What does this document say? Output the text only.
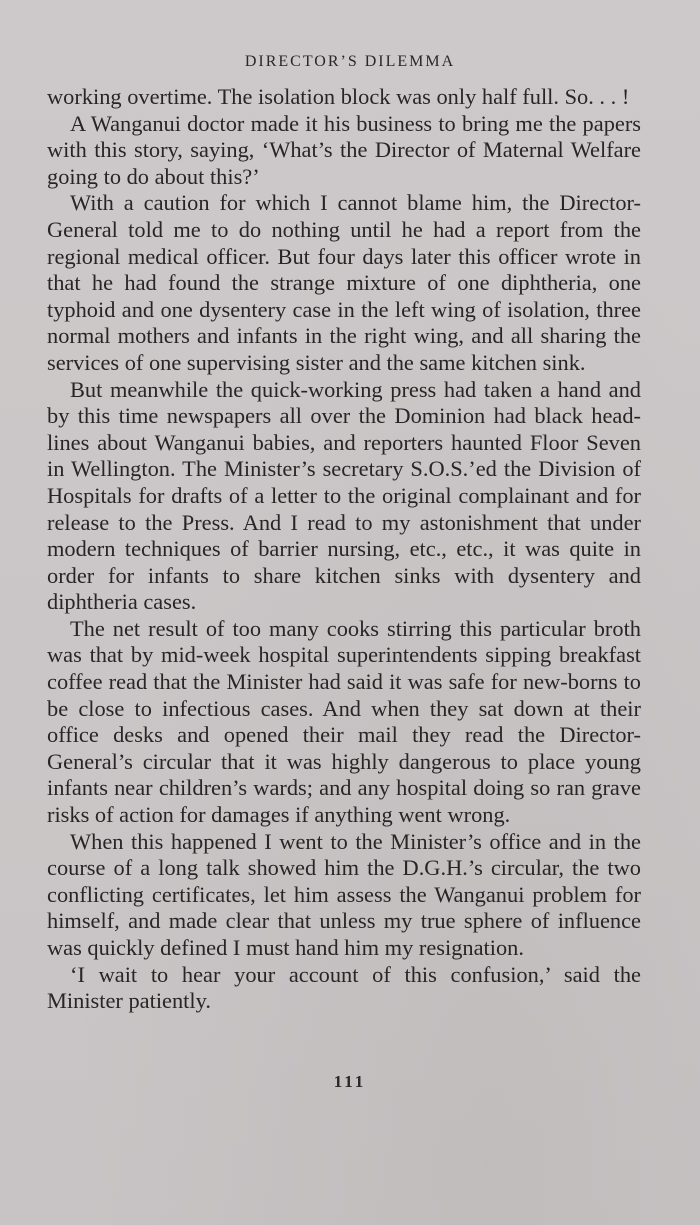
DIRECTOR’S DILEMMA

working overtime. The isolation block was only half full. So. . . !

A Wanganui doctor made it his business to bring me the papers with this story, saying, ‘What’s the Director of Maternal Welfare going to do about this?’

With a caution for which I cannot blame him, the Director-General told me to do nothing until he had a report from the regional medical officer. But four days later this officer wrote in that he had found the strange mixture of one diphtheria, one typhoid and one dysentery case in the left wing of isolation, three normal mothers and infants in the right wing, and all sharing the services of one supervising sister and the same kitchen sink.

But meanwhile the quick-working press had taken a hand and by this time newspapers all over the Dominion had black head-lines about Wanganui babies, and reporters haunted Floor Seven in Wellington. The Minister’s secretary S.O.S.’ed the Division of Hospitals for drafts of a letter to the original complainant and for release to the Press. And I read to my astonishment that under modern techniques of barrier nursing, etc., etc., it was quite in order for infants to share kitchen sinks with dysentery and diphtheria cases.

The net result of too many cooks stirring this particular broth was that by mid-week hospital superintendents sipping breakfast coffee read that the Minister had said it was safe for new-borns to be close to infectious cases. And when they sat down at their office desks and opened their mail they read the Director-General’s circular that it was highly dangerous to place young infants near children’s wards; and any hospital doing so ran grave risks of action for damages if anything went wrong.

When this happened I went to the Minister’s office and in the course of a long talk showed him the D.G.H.’s circular, the two conflicting certificates, let him assess the Wanganui problem for himself, and made clear that unless my true sphere of influence was quickly defined I must hand him my resignation.

‘I wait to hear your account of this confusion,’ said the Minister patiently.

111
